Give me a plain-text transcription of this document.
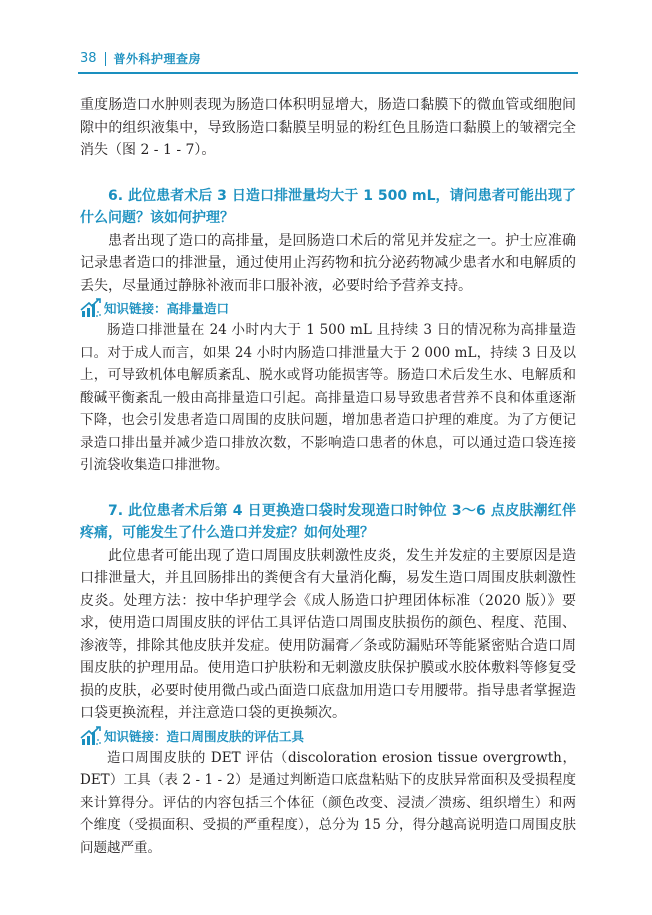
38 普外科护理查房

重度肠造口水肿则表现为肠造口体积明显增大，肠造口黏膜下的微血管或细胞间隙中的组织液集中，导致肠造口黏膜呈明显的粉红色且肠造口黏膜上的皱褶完全消失（图 2 - 1 - 7）。

6. 此位患者术后 3 日造口排泄量均大于 1 500 mL，请问患者可能出现了什么问题？该如何护理？

患者出现了造口的高排量，是回肠造口术后的常见并发症之一。护士应准确记录患者造口的排泄量，通过使用止泻药物和抗分泌药物减少患者水和电解质的丢失，尽量通过静脉补液而非口服补液，必要时给予营养支持。

知识链接：高排量造口

肠造口排泄量在 24 小时内大于 1 500 mL 且持续 3 日的情况称为高排量造口。对于成人而言，如果 24 小时内肠造口排泄量大于 2 000 mL，持续 3 日及以上，可导致机体电解质紊乱、脱水或肾功能损害等。肠造口术后发生水、电解质和酸碱平衡紊乱一般由高排量造口引起。高排量造口易导致患者营养不良和体重逐渐下降，也会引发患者造口周围的皮肤问题，增加患者造口护理的难度。为了方便记录造口排出量并减少造口排放次数，不影响造口患者的休息，可以通过造口袋连接引流袋收集造口排泄物。

7. 此位患者术后第 4 日更换造口袋时发现造口时钟位 3～6 点皮肤潮红伴疼痛，可能发生了什么造口并发症？如何处理？

此位患者可能出现了造口周围皮肤刺激性皮炎，发生并发症的主要原因是造口排泄量大，并且回肠排出的粪便含有大量消化酶，易发生造口周围皮肤刺激性皮炎。处理方法：按中华护理学会《成人肠造口护理团体标准（2020 版）》要求，使用造口周围皮肤的评估工具评估造口周围皮肤损伤的颜色、程度、范围、渗液等，排除其他皮肤并发症。使用防漏膏／条或防漏贴环等能紧密贴合造口周围皮肤的护理用品。使用造口护肤粉和无刺激皮肤保护膜或水胶体敷料等修复受损的皮肤，必要时使用微凸或凸面造口底盘加用造口专用腰带。指导患者掌握造口袋更换流程，并注意造口袋的更换频次。

知识链接：造口周围皮肤的评估工具

造口周围皮肤的 DET 评估（discoloration erosion tissue overgrowth，DET）工具（表 2 - 1 - 2）是通过判断造口底盘粘贴下的皮肤异常面积及受损程度来计算得分。评估的内容包括三个体征（颜色改变、浸渍／溃疡、组织增生）和两个维度（受损面积、受损的严重程度），总分为 15 分，得分越高说明造口周围皮肤问题越严重。
